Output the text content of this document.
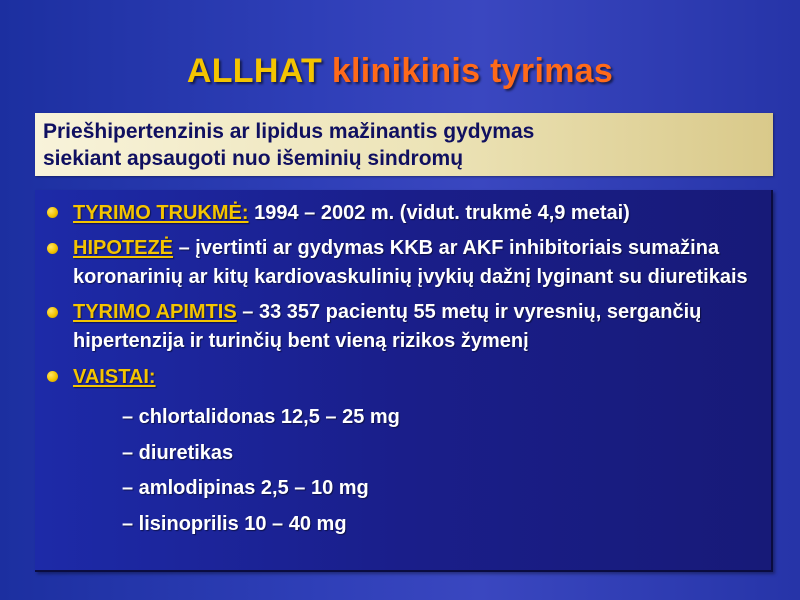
ALLHAT klinikinis tyrimas
Priešhipertenzinis ar lipidus mažinantis gydymas
siekiant apsaugoti nuo išeminių sindromų
TYRIMO TRUKMĖ: 1994 – 2002 m. (vidut. trukmė 4,9 metai)
HIPOTEZĖ – įvertinti ar gydymas KKB ar AKF inhibitoriais sumažina koronarinių ar kitų kardiovaskulinių įvykių dažnį lyginant su diuretikais
TYRIMO APIMTIS – 33 357 pacientų 55 metų ir vyresnių, sergančių hipertenzija ir turinčių bent vieną rizikos žymenį
VAISTAI:
– chlortalidonas 12,5 – 25 mg
– diuretikas
– amlodipinas 2,5 – 10 mg
– lisinoprilis 10 – 40 mg
